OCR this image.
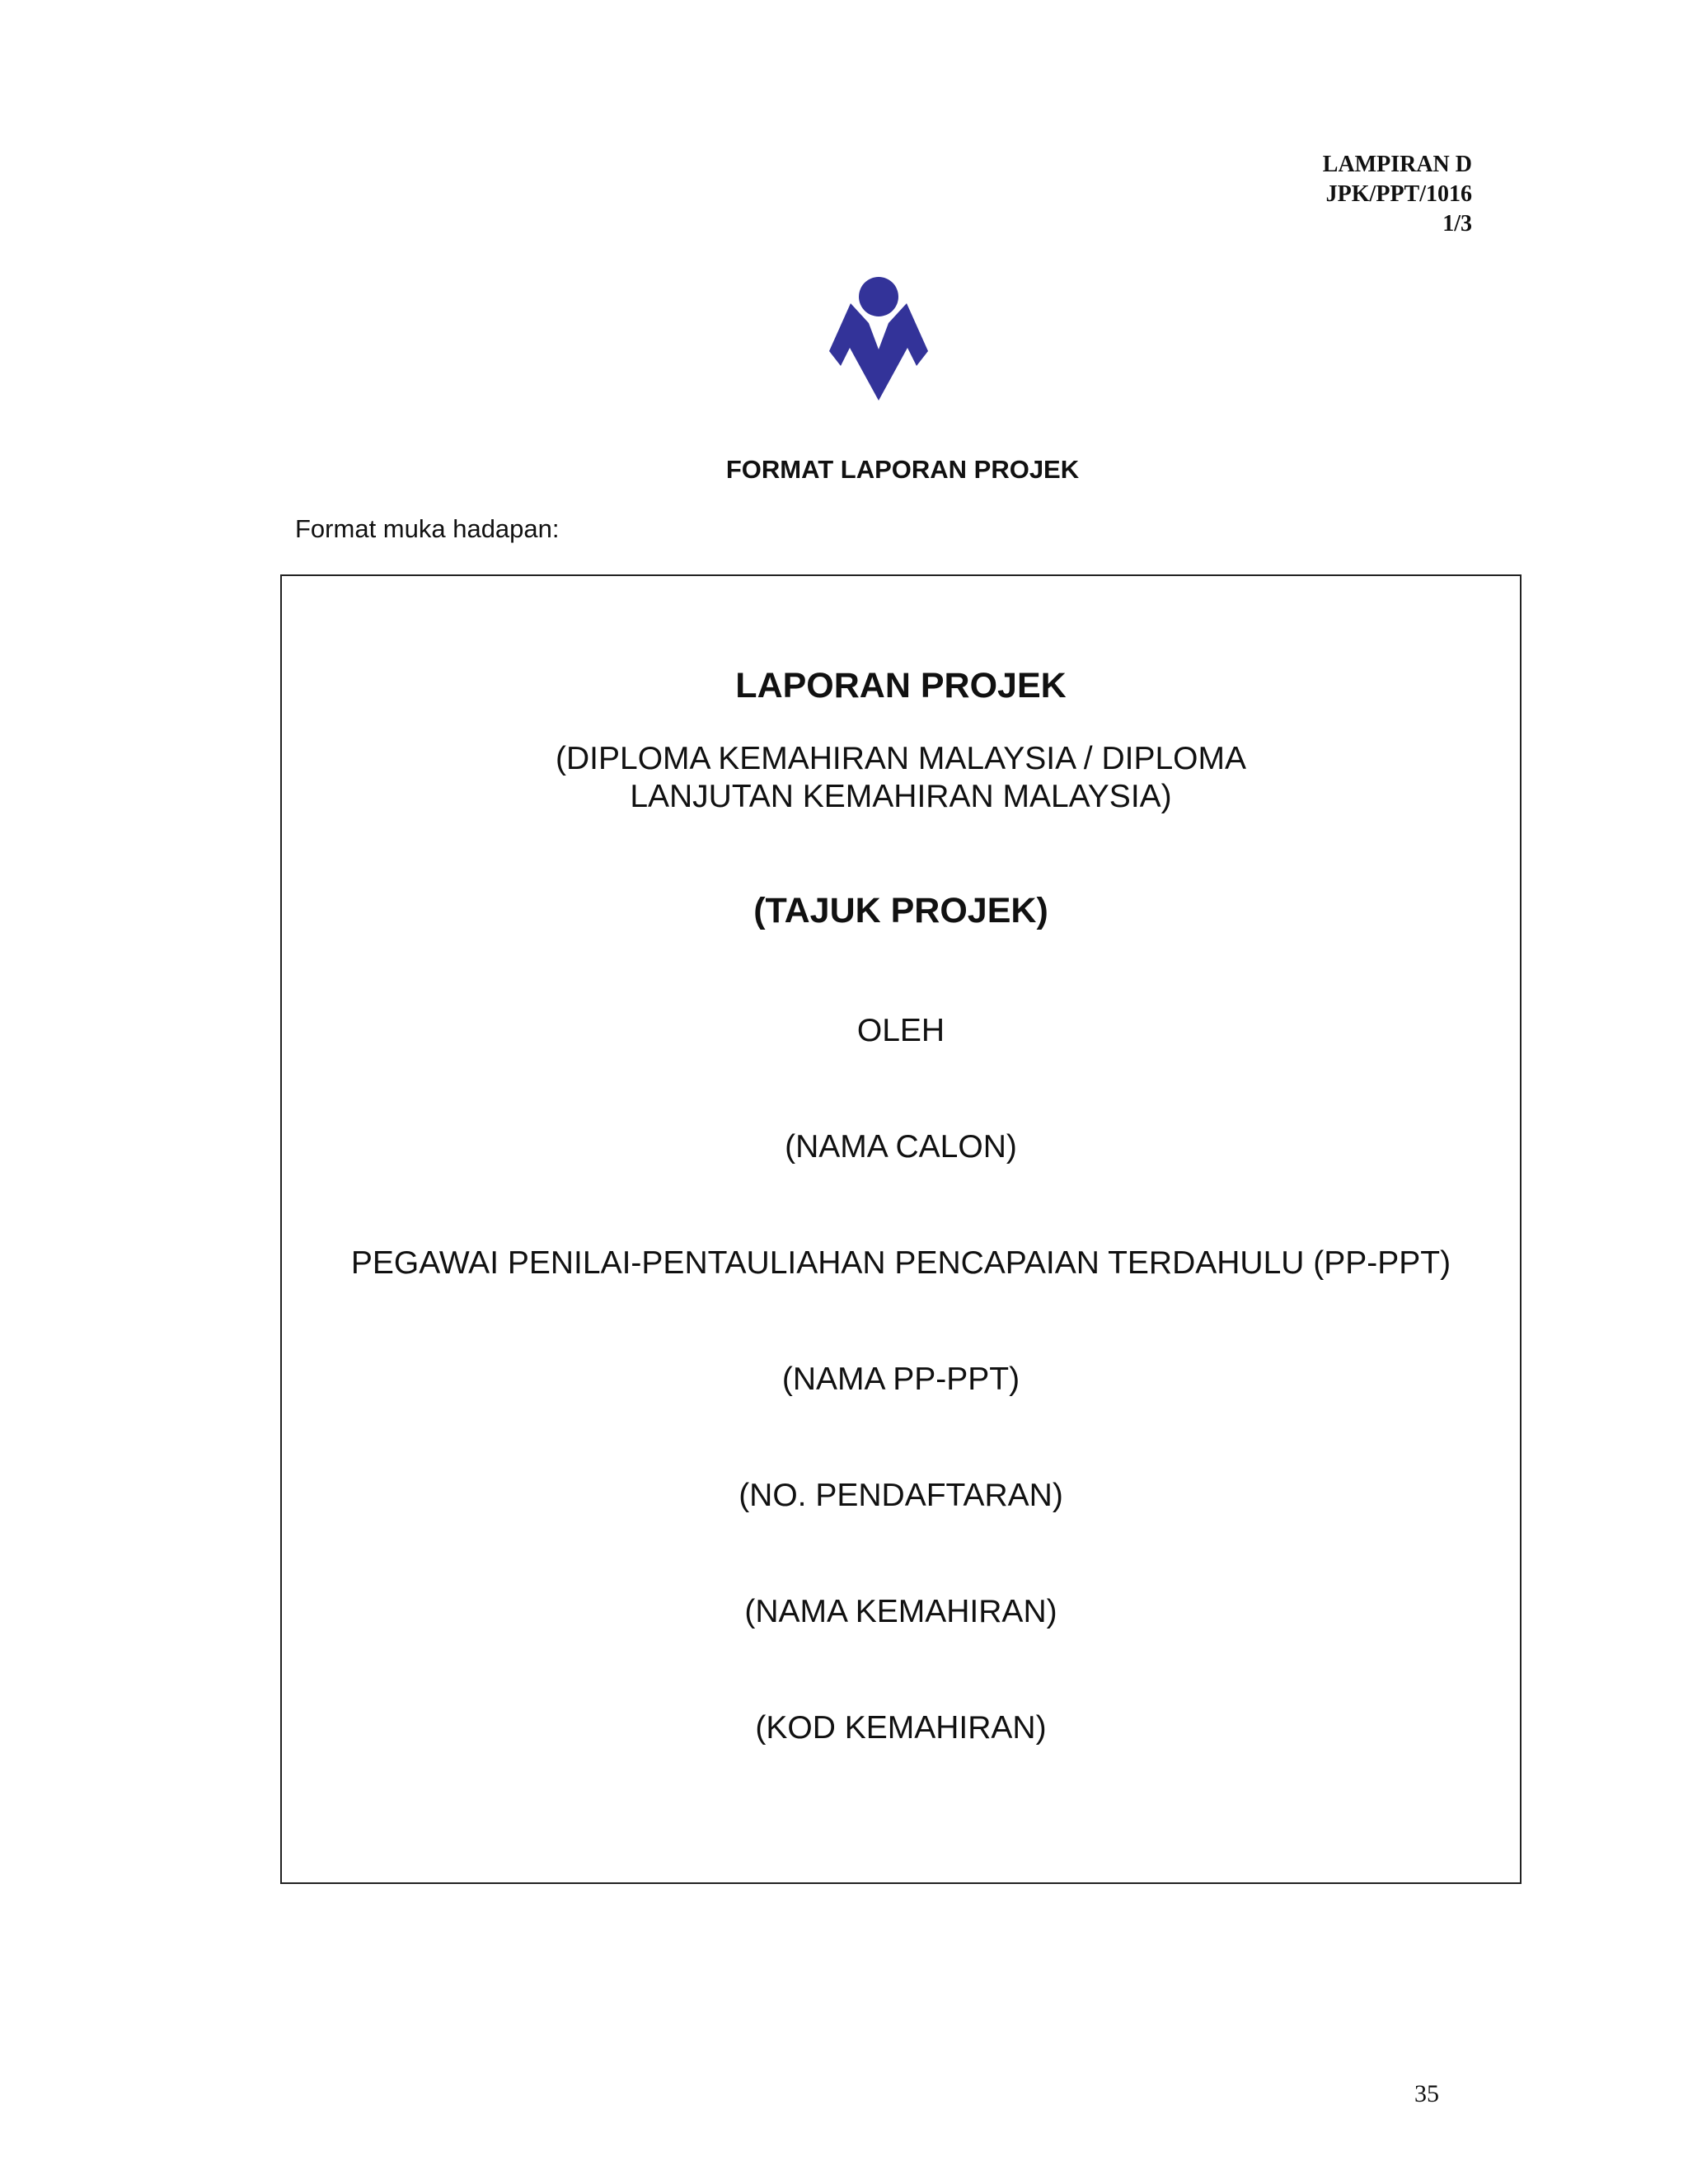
LAMPIRAN D
JPK/PPT/1016
1/3
FORMAT LAPORAN PROJEK
Format muka hadapan:
LAPORAN PROJEK
(DIPLOMA KEMAHIRAN MALAYSIA / DIPLOMA
LANJUTAN KEMAHIRAN MALAYSIA)
(TAJUK PROJEK)
OLEH
(NAMA CALON)
PEGAWAI PENILAI-PENTAULIAHAN PENCAPAIAN TERDAHULU (PP-PPT)
(NAMA PP-PPT)
(NO. PENDAFTARAN)
(NAMA KEMAHIRAN)
(KOD KEMAHIRAN)
35
